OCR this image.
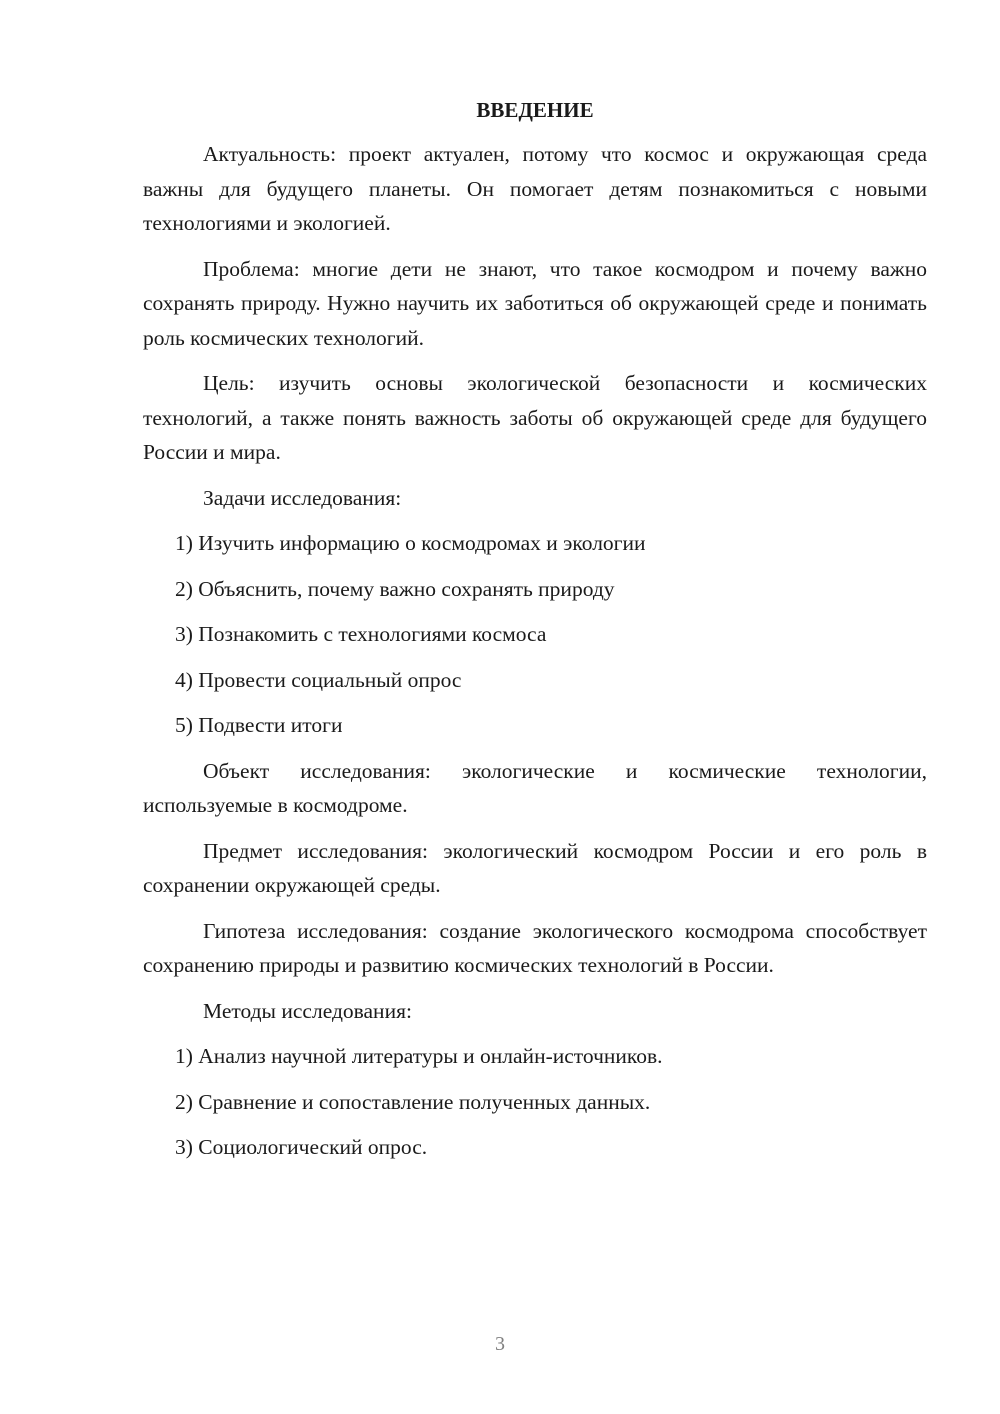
ВВЕДЕНИЕ

Актуальность: проект актуален, потому что космос и окружающая среда важны для будущего планеты. Он помогает детям познакомиться с новыми технологиями и экологией.

Проблема: многие дети не знают, что такое космодром и почему важно сохранять природу. Нужно научить их заботиться об окружающей среде и понимать роль космических технологий.

Цель: изучить основы экологической безопасности и космических технологий, а также понять важность заботы об окружающей среде для будущего России и мира.

Задачи исследования:

1) Изучить информацию о космодромах и экологии
2) Объяснить, почему важно сохранять природу
3) Познакомить с технологиями космоса
4) Провести социальный опрос
5) Подвести итоги

Объект исследования: экологические и космические технологии, используемые в космодроме.

Предмет исследования: экологический космодром России и его роль в сохранении окружающей среды.

Гипотеза исследования: создание экологического космодрома способствует сохранению природы и развитию космических технологий в России.

Методы исследования:

1) Анализ научной литературы и онлайн-источников.
2) Сравнение и сопоставление полученных данных.
3) Социологический опрос.
3
